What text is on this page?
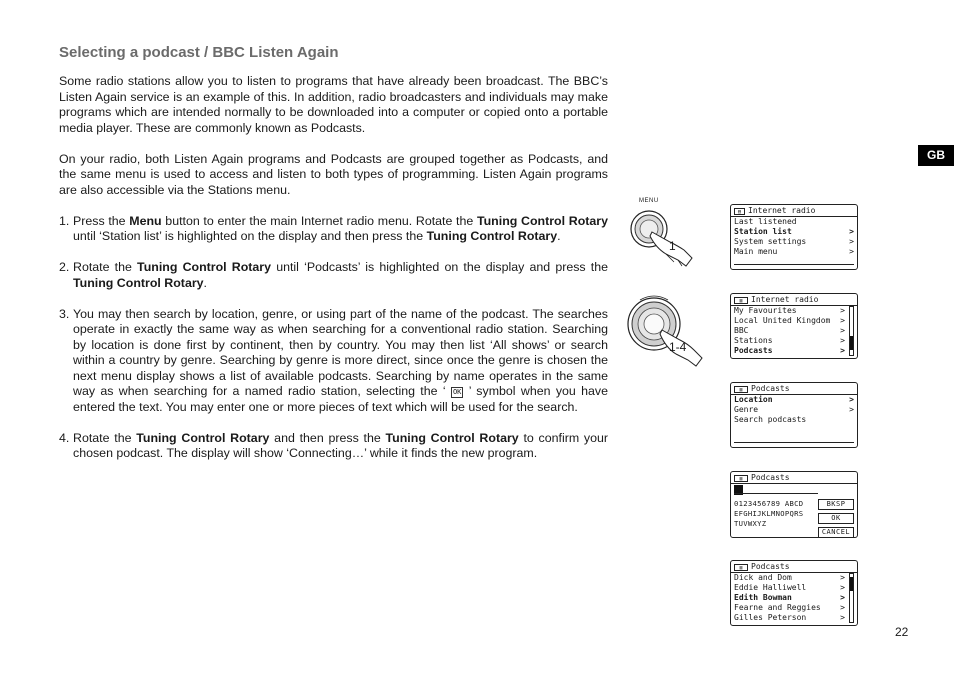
Selecting a podcast / BBC Listen Again

Some radio stations allow you to listen to programs that have already been broadcast. The BBC’s Listen Again service is an example of this. In addition, radio broadcasters and individuals may make programs which are intended normally to be downloaded into a computer or copied onto a portable media player. These are commonly known as Podcasts.

On your radio, both Listen Again programs and Podcasts are grouped together as Podcasts, and the same menu is used to access and listen to both types of programming. Listen Again programs are also accessible via the Stations menu.

1. Press the Menu button to enter the main Internet radio menu. Rotate the Tuning Control Rotary until ‘Station list’ is highlighted on the display and then press the Tuning Control Rotary.
2. Rotate the Tuning Control Rotary until ‘Podcasts’ is highlighted on the display and press the Tuning Control Rotary.
3. You may then search by location, genre, or using part of the name of the podcast. The searches operate in exactly the same way as when searching for a conventional radio station. Searching by location is done first by continent, then by country. You may then list ‘All shows’ or search within a country by genre. Searching by genre is more direct, since once the genre is chosen the next menu display shows a list of available podcasts. Searching by name operates in the same way as when searching for a named radio station, selecting the ‘ OK ’ symbol when you have entered the text. You may enter one or more pieces of text which will be used for the search.
4. Rotate the Tuning Control Rotary and then press the Tuning Control Rotary to confirm your chosen podcast. The display will show ‘Connecting…’ while it finds the new program.
GB
22
MENU
1
1-4
▤ Internet radio
Last listened
Station list	>
System settings	>
Main menu	>
▥	Internet radio
My Favourites	>
Local United Kingdom	>
BBC	>
Stations	>
Podcasts	>
▥	Podcasts
Location	>
Genre	>
Search podcasts
▥	Podcasts
0123456789 ABCD
EFGHIJKLMNOPQRS
TUVWXYZ
BKSP
OK
CANCEL
▥	Podcasts
Dick and Dom	>
Eddie Halliwell	>
Edith Bowman	>
Fearne and Reggies	>
Gilles Peterson	>
